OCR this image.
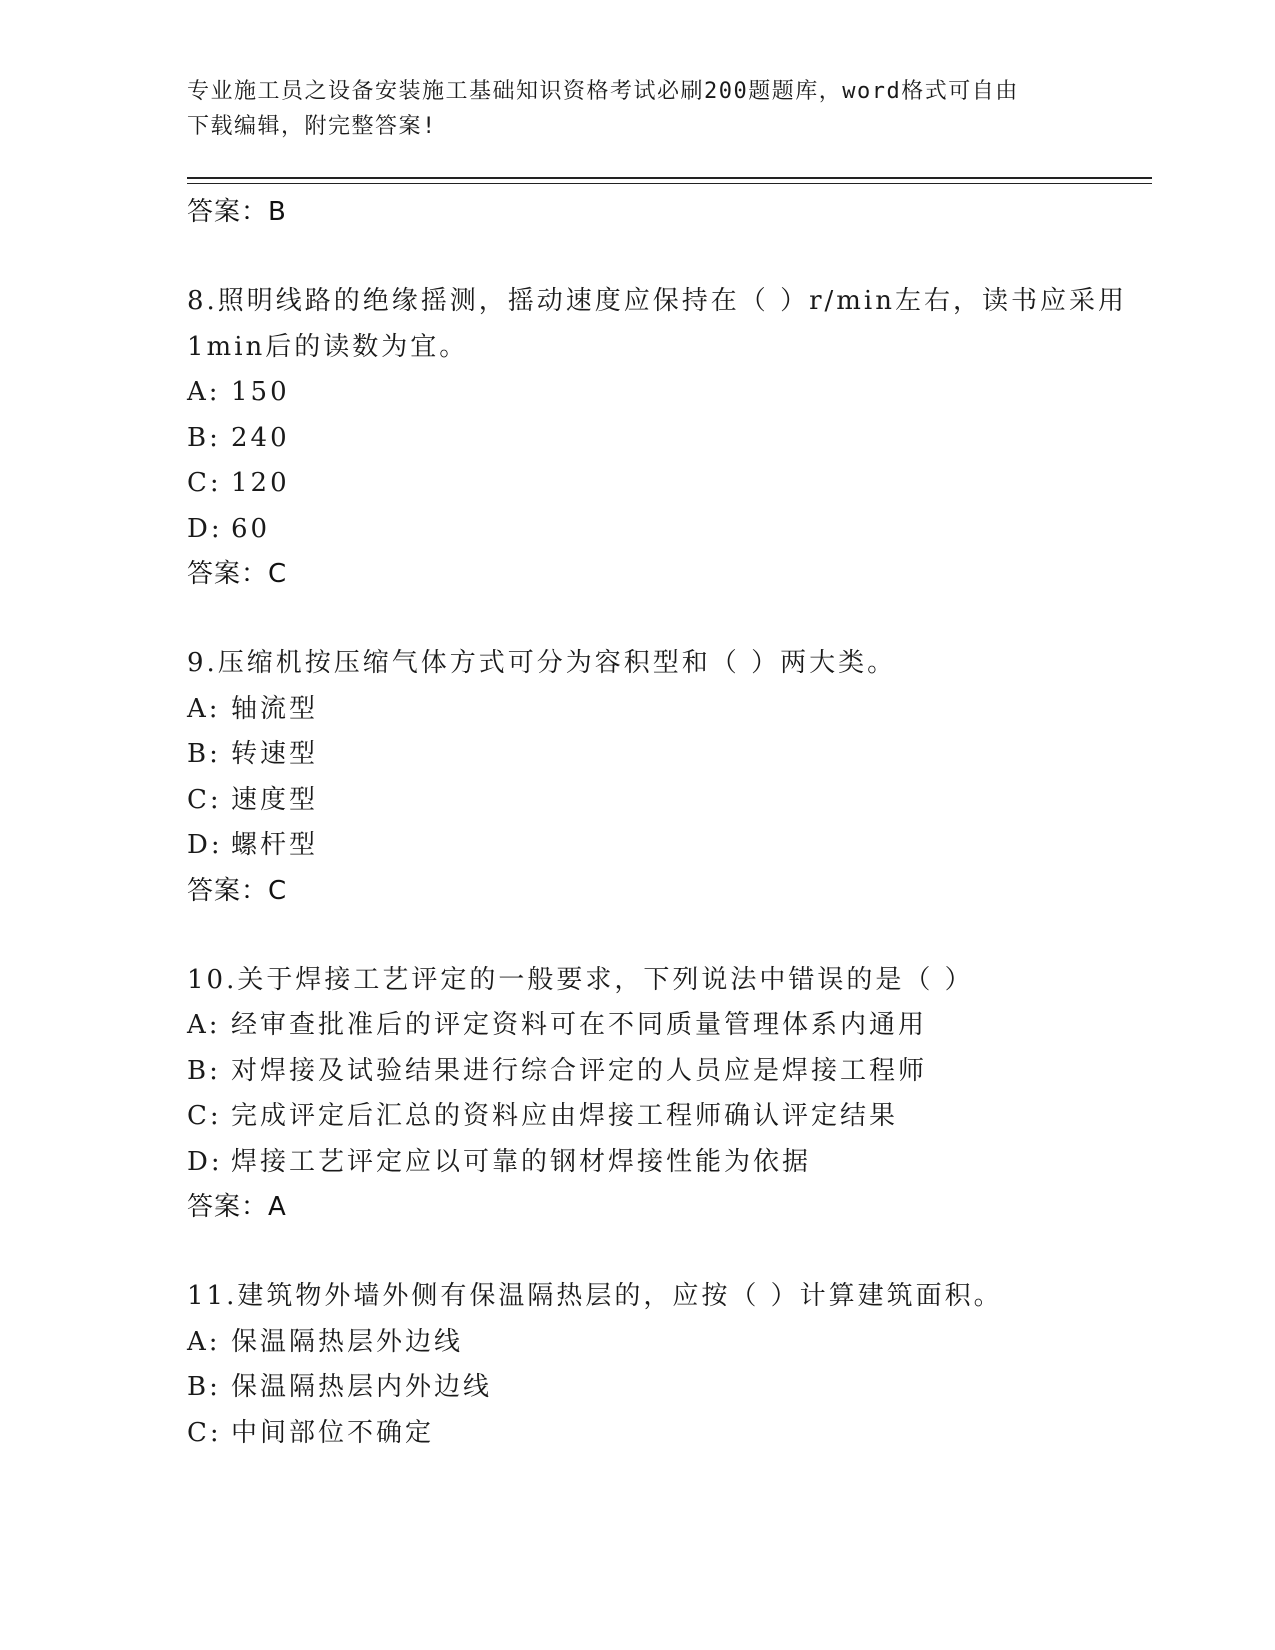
专业施工员之设备安装施工基础知识资格考试必刷200题题库，word格式可自由
下载编辑，附完整答案!
答案：B
8.照明线路的绝缘摇测，摇动速度应保持在（ ）r/min左右，读书应采用1min后的读数为宜。
A: 150
B: 240
C: 120
D: 60
答案：C
9.压缩机按压缩气体方式可分为容积型和（ ）两大类。
A: 轴流型
B: 转速型
C: 速度型
D: 螺杆型
答案：C
10.关于焊接工艺评定的一般要求，下列说法中错误的是（ ）
A: 经审查批准后的评定资料可在不同质量管理体系内通用
B: 对焊接及试验结果进行综合评定的人员应是焊接工程师
C: 完成评定后汇总的资料应由焊接工程师确认评定结果
D: 焊接工艺评定应以可靠的钢材焊接性能为依据
答案：A
11.建筑物外墙外侧有保温隔热层的，应按（ ）计算建筑面积。
A: 保温隔热层外边线
B: 保温隔热层内外边线
C: 中间部位不确定
